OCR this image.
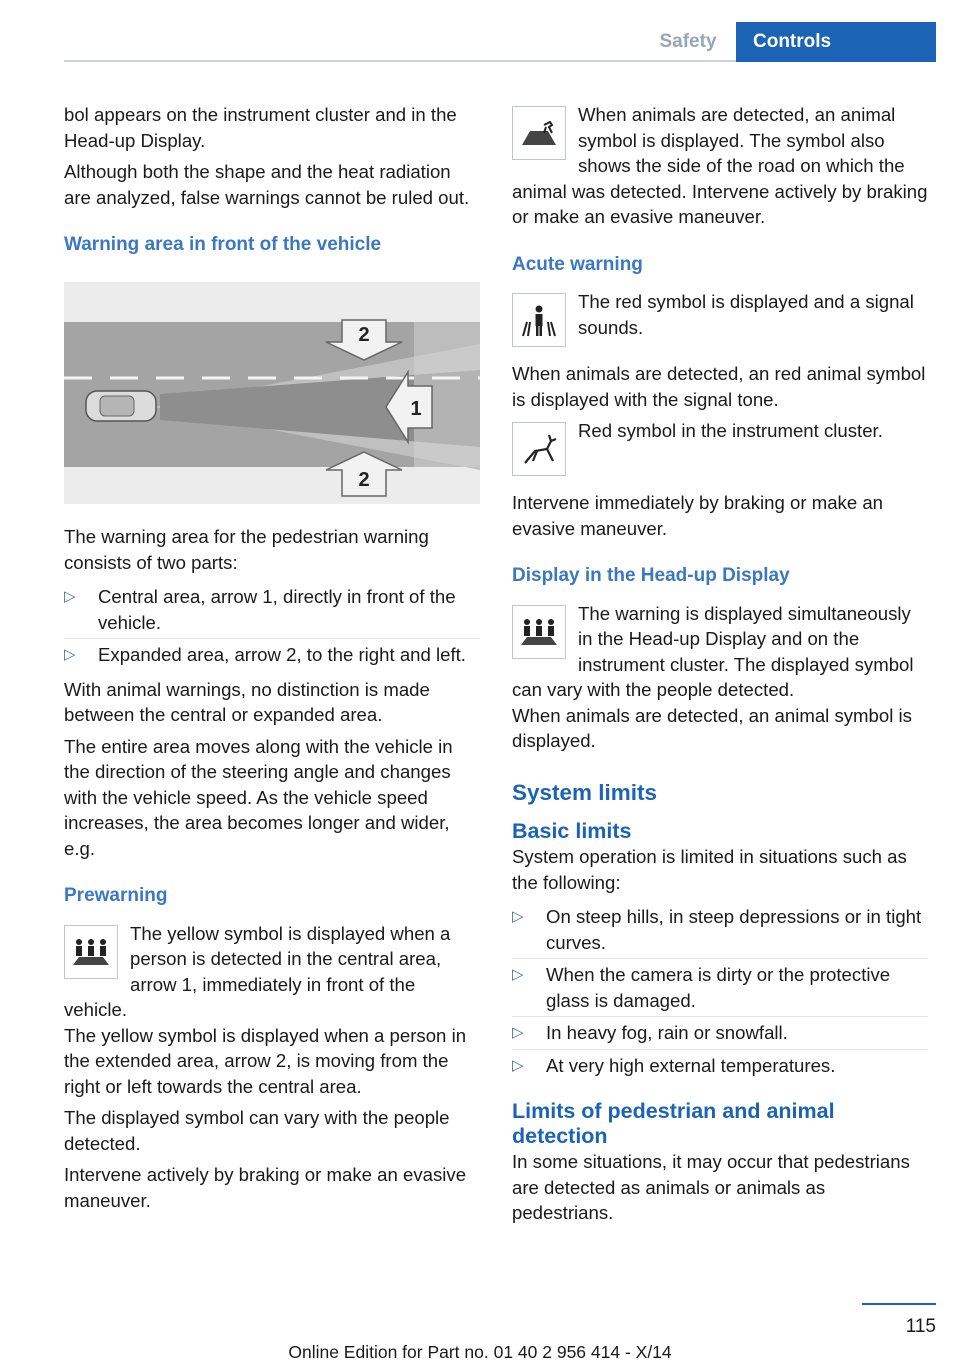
Safety	Controls

bol appears on the instrument cluster and in the Head-up Display.

Although both the shape and the heat radiation are analyzed, false warnings cannot be ruled out.

Warning area in front of the vehicle
2
1
2

The warning area for the pedestrian warning consists of two parts:

▷ Central area, arrow 1, directly in front of the vehicle.
▷ Expanded area, arrow 2, to the right and left.

With animal warnings, no distinction is made between the central or expanded area.

The entire area moves along with the vehicle in the direction of the steering angle and changes with the vehicle speed. As the vehicle speed increases, the area becomes longer and wider, e.g.

Prewarning

The yellow symbol is displayed when a person is detected in the central area, arrow 1, immediately in front of the vehicle.

The yellow symbol is displayed when a person in the extended area, arrow 2, is moving from the right or left towards the central area.

The displayed symbol can vary with the people detected.

Intervene actively by braking or make an evasive maneuver.

When animals are detected, an animal symbol is displayed. The symbol also shows the side of the road on which the animal was detected. Intervene actively by braking or make an evasive maneuver.

Acute warning

The red symbol is displayed and a signal sounds.

When animals are detected, an red animal symbol is displayed with the signal tone.

Red symbol in the instrument cluster.

Intervene immediately by braking or make an evasive maneuver.

Display in the Head-up Display

The warning is displayed simultaneously in the Head-up Display and on the instrument cluster. The displayed symbol can vary with the people detected.

When animals are detected, an animal symbol is displayed.

System limits
Basic limits

System operation is limited in situations such as the following:

▷ On steep hills, in steep depressions or in tight curves.
▷ When the camera is dirty or the protective glass is damaged.
▷ In heavy fog, rain or snowfall.
▷ At very high external temperatures.
Limits of pedestrian and animal detection

In some situations, it may occur that pedestrians are detected as animals or animals as pedestrians.

115
Online Edition for Part no. 01 40 2 956 414 - X/14
